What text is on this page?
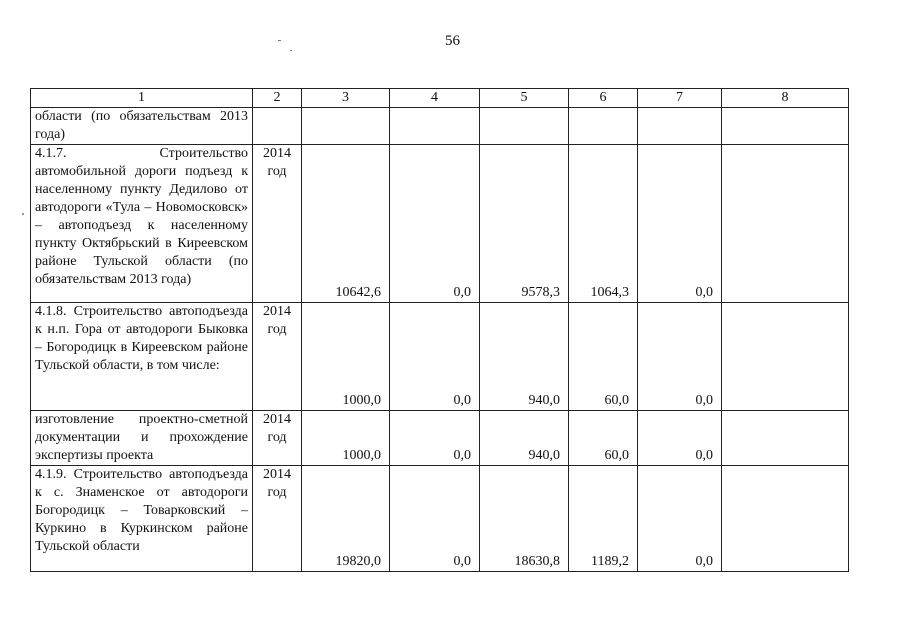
56
1	2	3	4	5	6	7	8
области (по обязательствам 2013 года)							
4.1.7. Строительство автомобильной дороги подъезд к населенному пункту Дедилово от автодороги «Тула – Новомосковск» – автоподъезд к населенному пункту Октябрьский в Киреевском районе Тульской области (по обязательствам 2013 года)	2014 год	10642,6	0,0	9578,3	1064,3	0,0	
4.1.8. Строительство автоподъезда к н.п. Гора от автодороги Быковка – Богородицк в Киреевском районе Тульской области, в том числе:	2014 год	1000,0	0,0	940,0	60,0	0,0	
изготовление проектно-сметной документации и прохождение экспертизы проекта	2014 год	1000,0	0,0	940,0	60,0	0,0	
4.1.9. Строительство автоподъезда к с. Знаменское от автодороги Богородицк – Товарковский – Куркино в Куркинском районе Тульской области	2014 год	19820,0	0,0	18630,8	1189,2	0,0	
